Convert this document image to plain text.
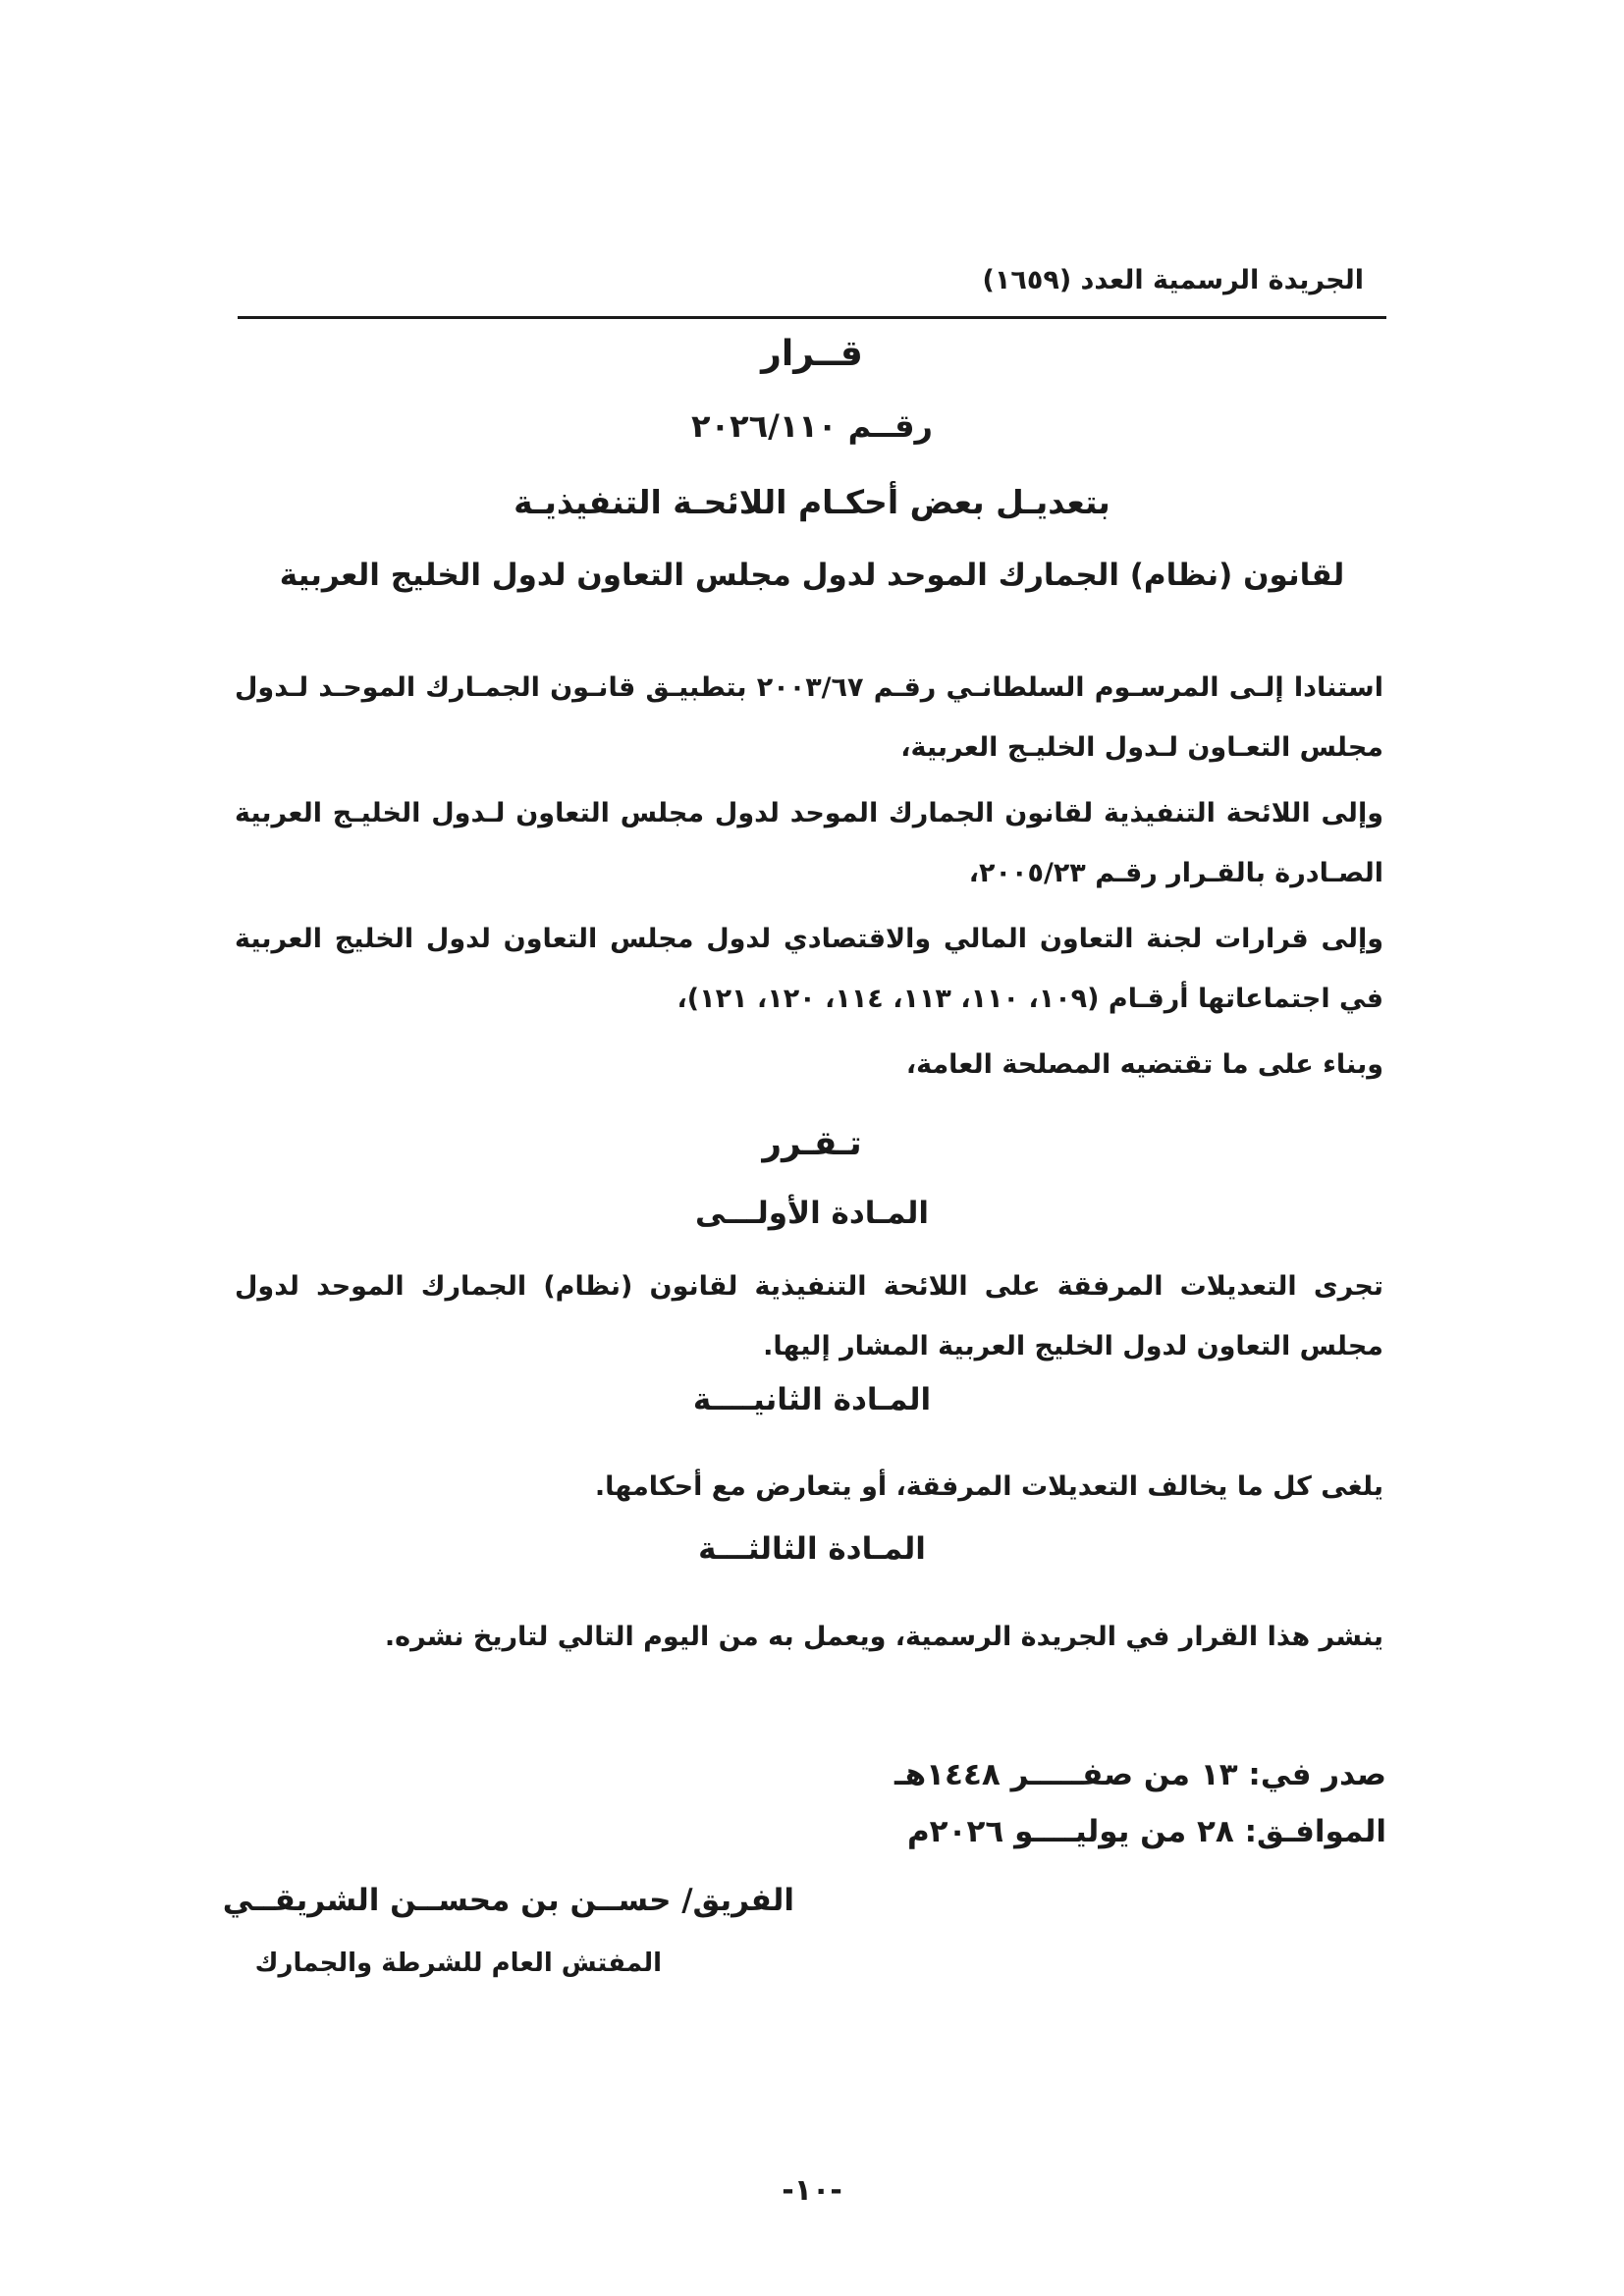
الجريدة الرسمية العدد (١٦٥٩)
قــرار
رقــم ٢٠٢٦/١١٠
بتعديـل بعض أحكـام اللائحـة التنفيذيـة
لقانون (نظام) الجمارك الموحد لدول مجلس التعاون لدول الخليج العربية

استنادا إلـى المرسـوم السلطانـي رقـم ٢٠٠٣/٦٧ بتطبيـق قانـون الجمـارك الموحـد لـدول مجلس التعـاون لـدول الخليـج العربية،

وإلى اللائحة التنفيذية لقانون الجمارك الموحد لدول مجلس التعاون لـدول الخليـج العربية الصـادرة بالقـرار رقـم ٢٠٠٥/٢٣،

وإلى قرارات لجنة التعاون المالي والاقتصادي لدول مجلس التعاون لدول الخليج العربية في اجتماعاتها أرقـام (١٠٩، ١١٠، ١١٣، ١١٤، ١٢٠، ١٢١)،

وبناء على ما تقتضيه المصلحة العامة،

تـقـرر
المـادة الأولـــى

تجرى التعديلات المرفقة على اللائحة التنفيذية لقانون (نظام) الجمارك الموحد لدول مجلس التعاون لدول الخليج العربية المشار إليها.

المـادة الثانيــــة

يلغى كل ما يخالف التعديلات المرفقة، أو يتعارض مع أحكامها.

المـادة الثالثـــة

ينشر هذا القرار في الجريدة الرسمية، ويعمل به من اليوم التالي لتاريخ نشره.

صدر في: ١٣ من صفـــــر ١٤٤٨هـ
الموافـق: ٢٨ من يوليــــو ٢٠٢٦م
الفريق/ حســن بن محســن الشريقــي
المفتش العام للشرطة والجمارك
-١٠-
